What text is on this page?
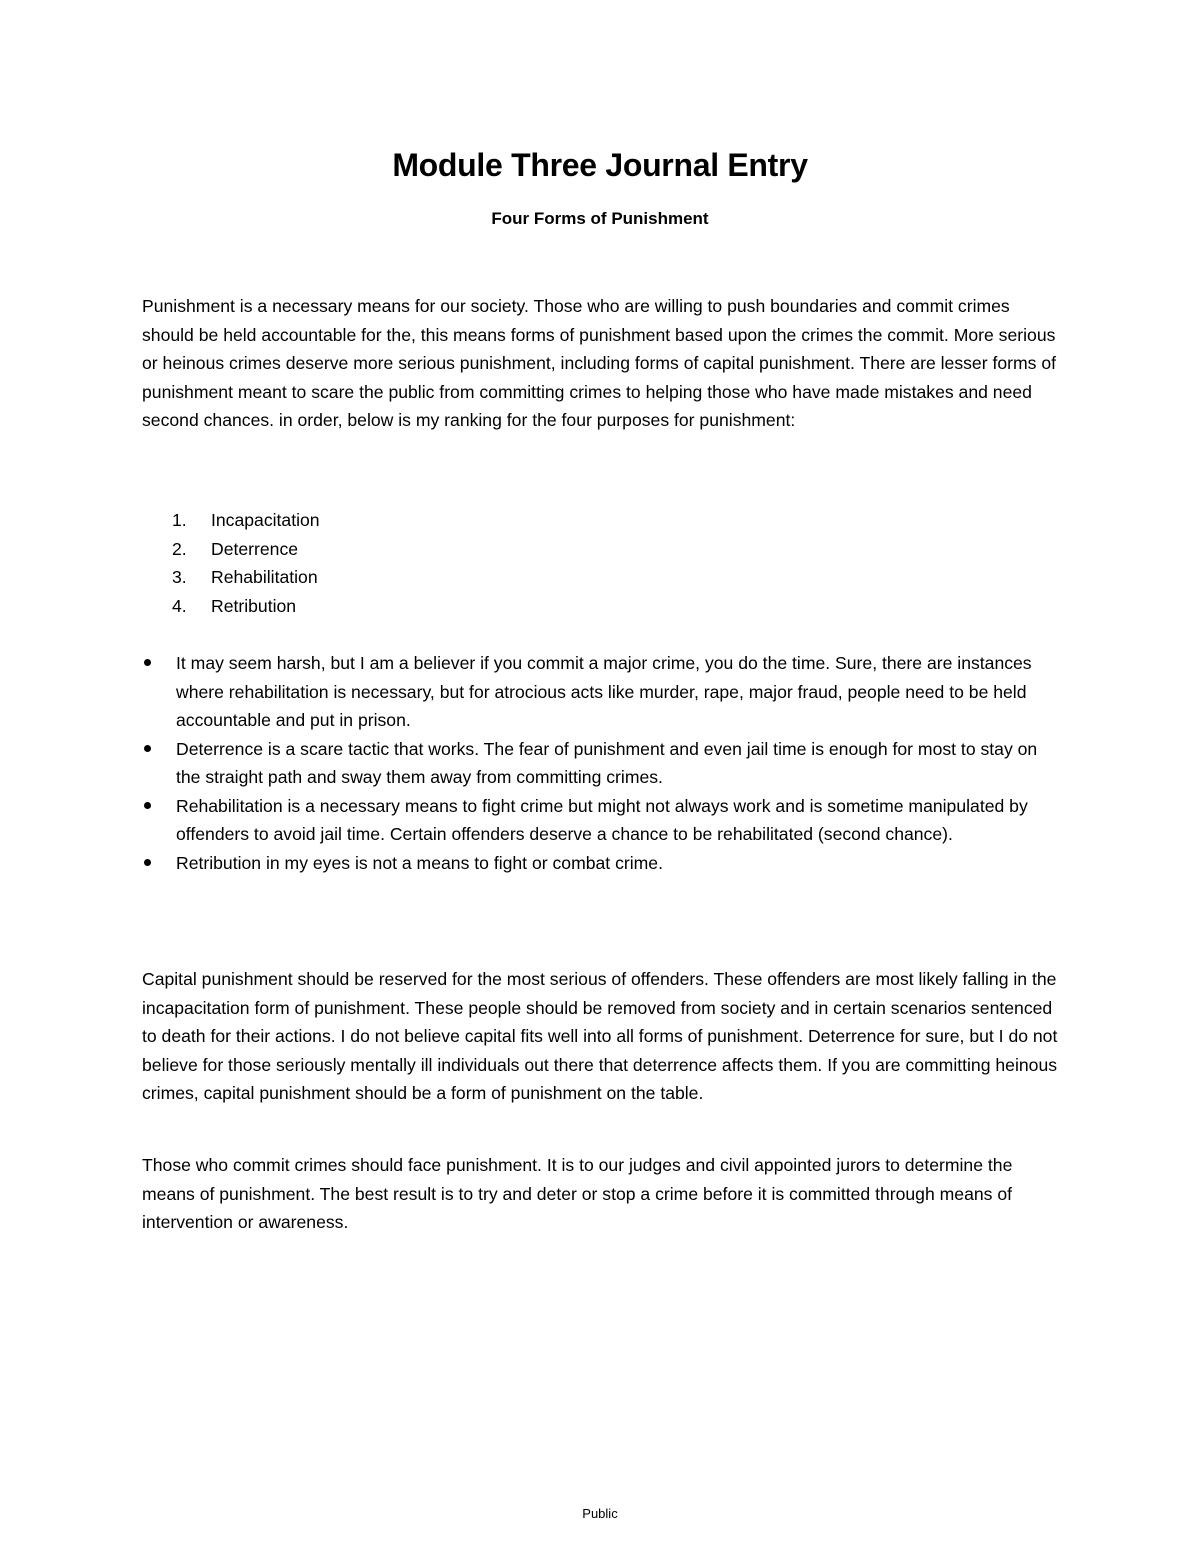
Module Three Journal Entry
Four Forms of Punishment

Punishment is a necessary means for our society. Those who are willing to push boundaries and commit crimes should be held accountable for the, this means forms of punishment based upon the crimes the commit. More serious or heinous crimes deserve more serious punishment, including forms of capital punishment. There are lesser forms of punishment meant to scare the public from committing crimes to helping those who have made mistakes and need second chances. in order, below is my ranking for the four purposes for punishment:

1. Incapacitation
2. Deterrence
3. Rehabilitation
4. Retribution
It may seem harsh, but I am a believer if you commit a major crime, you do the time. Sure, there are instances where rehabilitation is necessary, but for atrocious acts like murder, rape, major fraud, people need to be held accountable and put in prison.
Deterrence is a scare tactic that works. The fear of punishment and even jail time is enough for most to stay on the straight path and sway them away from committing crimes.
Rehabilitation is a necessary means to fight crime but might not always work and is sometime manipulated by offenders to avoid jail time. Certain offenders deserve a chance to be rehabilitated (second chance).
Retribution in my eyes is not a means to fight or combat crime.

Capital punishment should be reserved for the most serious of offenders. These offenders are most likely falling in the incapacitation form of punishment. These people should be removed from society and in certain scenarios sentenced to death for their actions. I do not believe capital fits well into all forms of punishment. Deterrence for sure, but I do not believe for those seriously mentally ill individuals out there that deterrence affects them. If you are committing heinous crimes, capital punishment should be a form of punishment on the table.

Those who commit crimes should face punishment. It is to our judges and civil appointed jurors to determine the means of punishment. The best result is to try and deter or stop a crime before it is committed through means of intervention or awareness.

Public
